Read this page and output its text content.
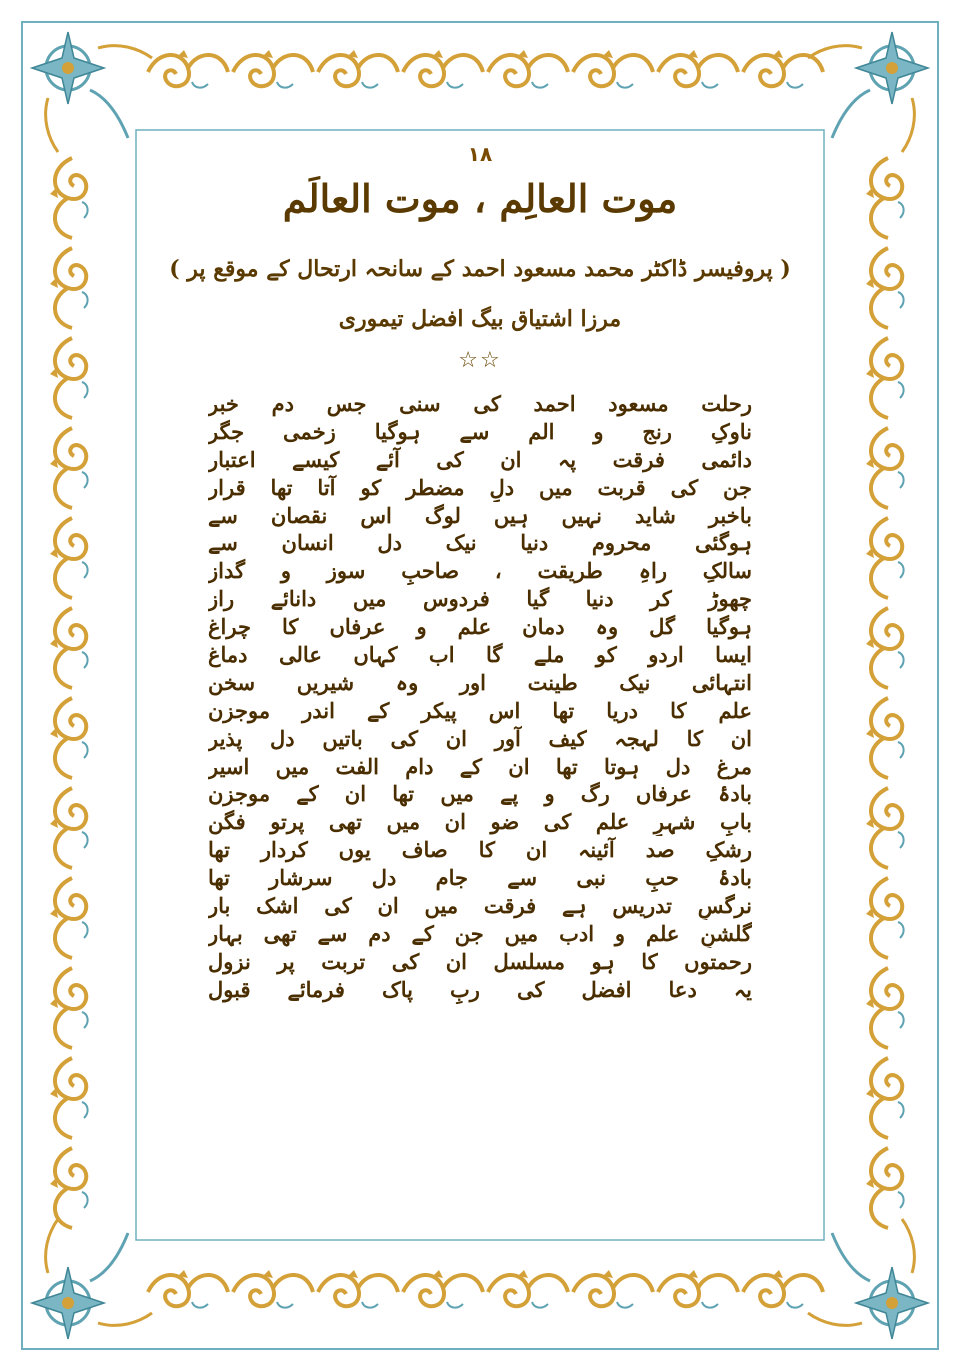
۱۸
موت العالِم ، موت العالَم
( پروفیسر ڈاکٹر محمد مسعود احمد کے سانحہ ارتحال کے موقع پر )
مرزا اشتیاق بیگ افضل تیموری
☆☆
رحلت مسعود احمد کی سنی جس دم خبر
ناوکِ رنج و الم سے ہوگیا زخمی جگر
دائمی فرقت پہ ان کی آئے کیسے اعتبار
جن کی قربت میں دلِ مضطر کو آتا تھا قرار
باخبر شاید نہیں ہیں لوگ اس نقصان سے
ہوگئی محروم دنیا نیک دل انسان سے
سالکِ راہِ طریقت ، صاحبِ سوز و گداز
چھوڑ کر دنیا گیا فردوس میں دانائے راز
ہوگیا گل وہ دمان علم و عرفاں کا چراغ
ایسا اردو کو ملے گا اب کہاں عالی دماغ
انتہائی نیک طینت اور وہ شیریں سخن
علم کا دریا تھا اس پیکر کے اندر موجزن
ان کا لہجہ کیف آور ان کی باتیں دل پذیر
مرغِ دل ہوتا تھا ان کے دامِ الفت میں اسیر
بادۂ عرفاں رگ و پے میں تھا ان کے موجزن
بابِ شہرِ علم کی ضو ان میں تھی پرتو فگن
رشکِ صد آئینہ ان کا صاف یوں کردار تھا
بادۂ حبِ نبی سے جام دل سرشار تھا
نرگسِ تدریس ہے فرقت میں ان کی اشک بار
گلشنِ علم و ادب میں جن کے دم سے تھی بہار
رحمتوں کا ہو مسلسل ان کی تربت پر نزول
یہ دعا افضل کی ربِ پاک فرمائے قبول
